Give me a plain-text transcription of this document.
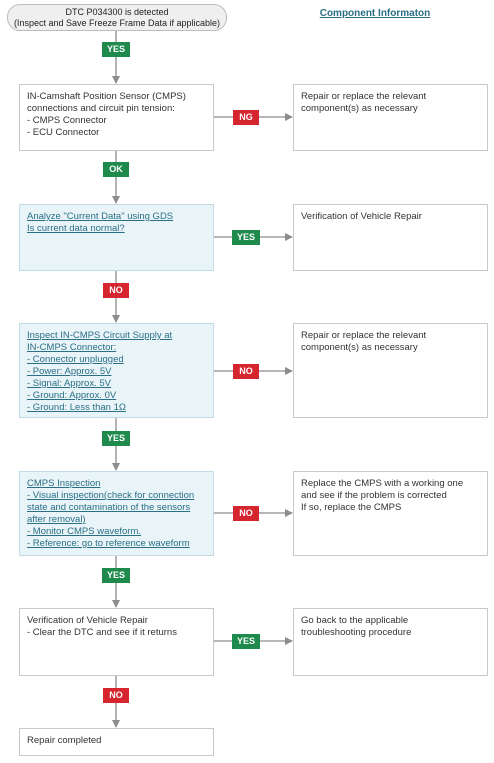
DTC P034300 is detected
(Inspect and Save Freeze Frame Data if applicable)
Component Informaton
IN-Camshaft Position Sensor (CMPS)
connections and circuit pin tension:
- CMPS Connector
- ECU Connector
Analyze "Current Data" using GDS
Is current data normal?
Inspect IN-CMPS Circuit Supply at
IN-CMPS Connector:
- Connector unplugged
- Power: Approx. 5V
- Signal: Approx. 5V
- Ground: Approx. 0V
- Ground: Less than 1Ω
CMPS Inspection
- Visual inspection(check for connection
state and contamination of the sensors
after removal)
- Monitor CMPS waveform.
- Reference: go to reference waveform
Verification of Vehicle Repair
- Clear the DTC and see if it returns
Repair completed
Repair or replace the relevant
component(s) as necessary
Verification of Vehicle Repair
Repair or replace the relevant
component(s) as necessary
Replace the CMPS with a working one
and see if the problem is corrected
If so, replace the CMPS
Go back to the applicable
troubleshooting procedure
YES
NG
OK
YES
NO
NO
YES
NO
YES
YES
NO
